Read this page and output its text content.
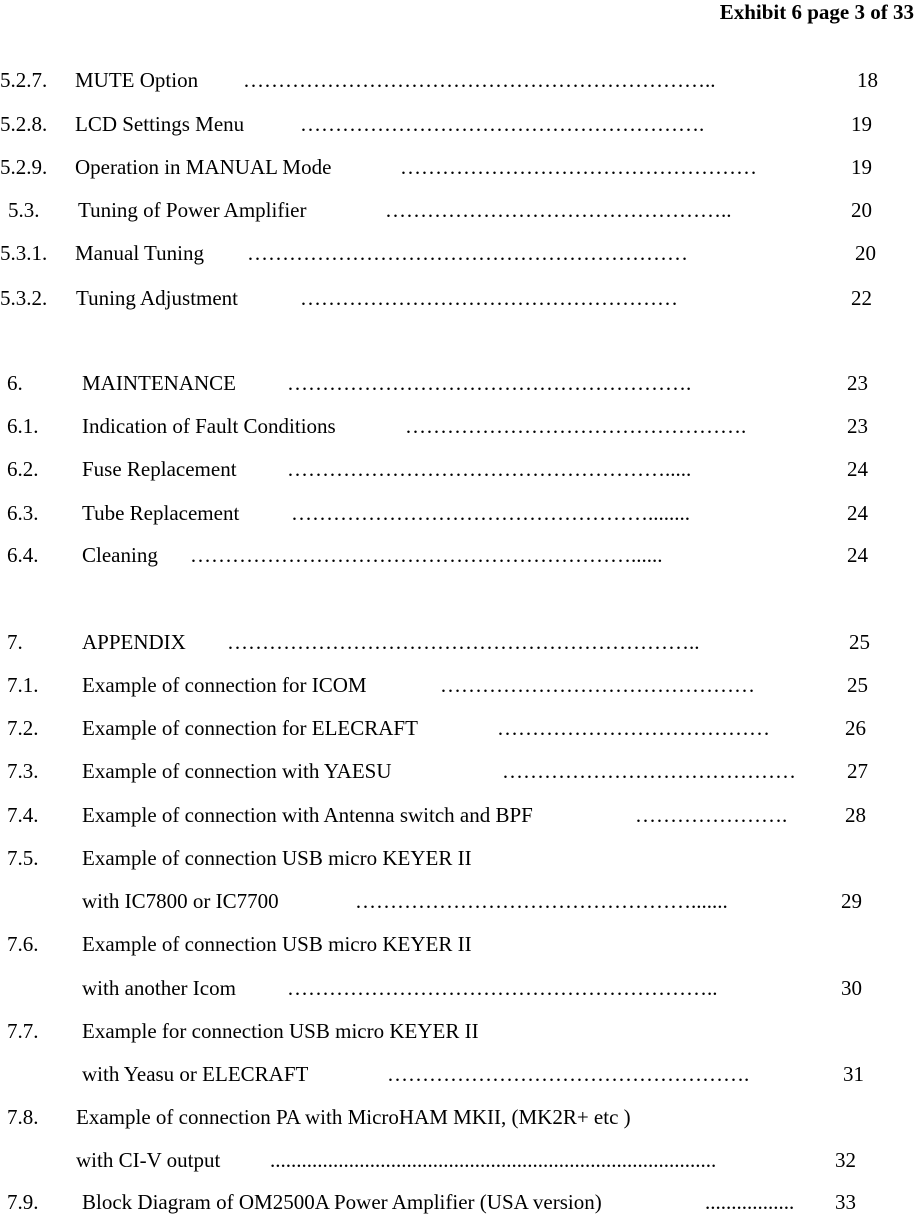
Exhibit 6 page 3 of 33
5.2.7. MUTE Option …………………………………………………………..	18
5.2.8. LCD Settings Menu	………………………………………………….	19
5.2.9. Operation in MANUAL Mode	……………………………………………	19
5.3. Tuning of Power Amplifier	…………………………………………..	20
5.3.1. Manual Tuning ………………………………………………………	20
5.3.2. Tuning Adjustment	………………………………………………	22
6.	MAINTENANCE ………………………………………………….	23
6.1. Indication of Fault Conditions	………………………………………….	23
6.2. Fuse Replacement ……………………………………………….....	24
6.3. Tube Replacement ……………………………………………........	24
6.4. Cleaning ………………………………………………………......	24
7.	APPENDIX …………………………………………………………..	25
7.1. Example of connection for ICOM	………………………………………	25
7.2. Example of connection for ELECRAFT	…………………………………	26
7.3. Example of connection with YAESU	…………………………………… 27
7.4. Example of connection with Antenna switch and BPF	………………….	28
7.5. Example of connection USB micro KEYER II
with IC7800 or IC7700	………………………………………….......	29
7.6. Example of connection USB micro KEYER II
with another Icom ……………………………………………………..	30
7.7. Example for connection USB micro KEYER II
with Yeasu or ELECRAFT	…………………………………………….	31
7.8. Example of connection PA with MicroHAM MKII, (MK2R+ etc )
with CI-V output .....................................................................................	32
7.9. Block Diagram of OM2500A Power Amplifier (USA version)	................. 33
